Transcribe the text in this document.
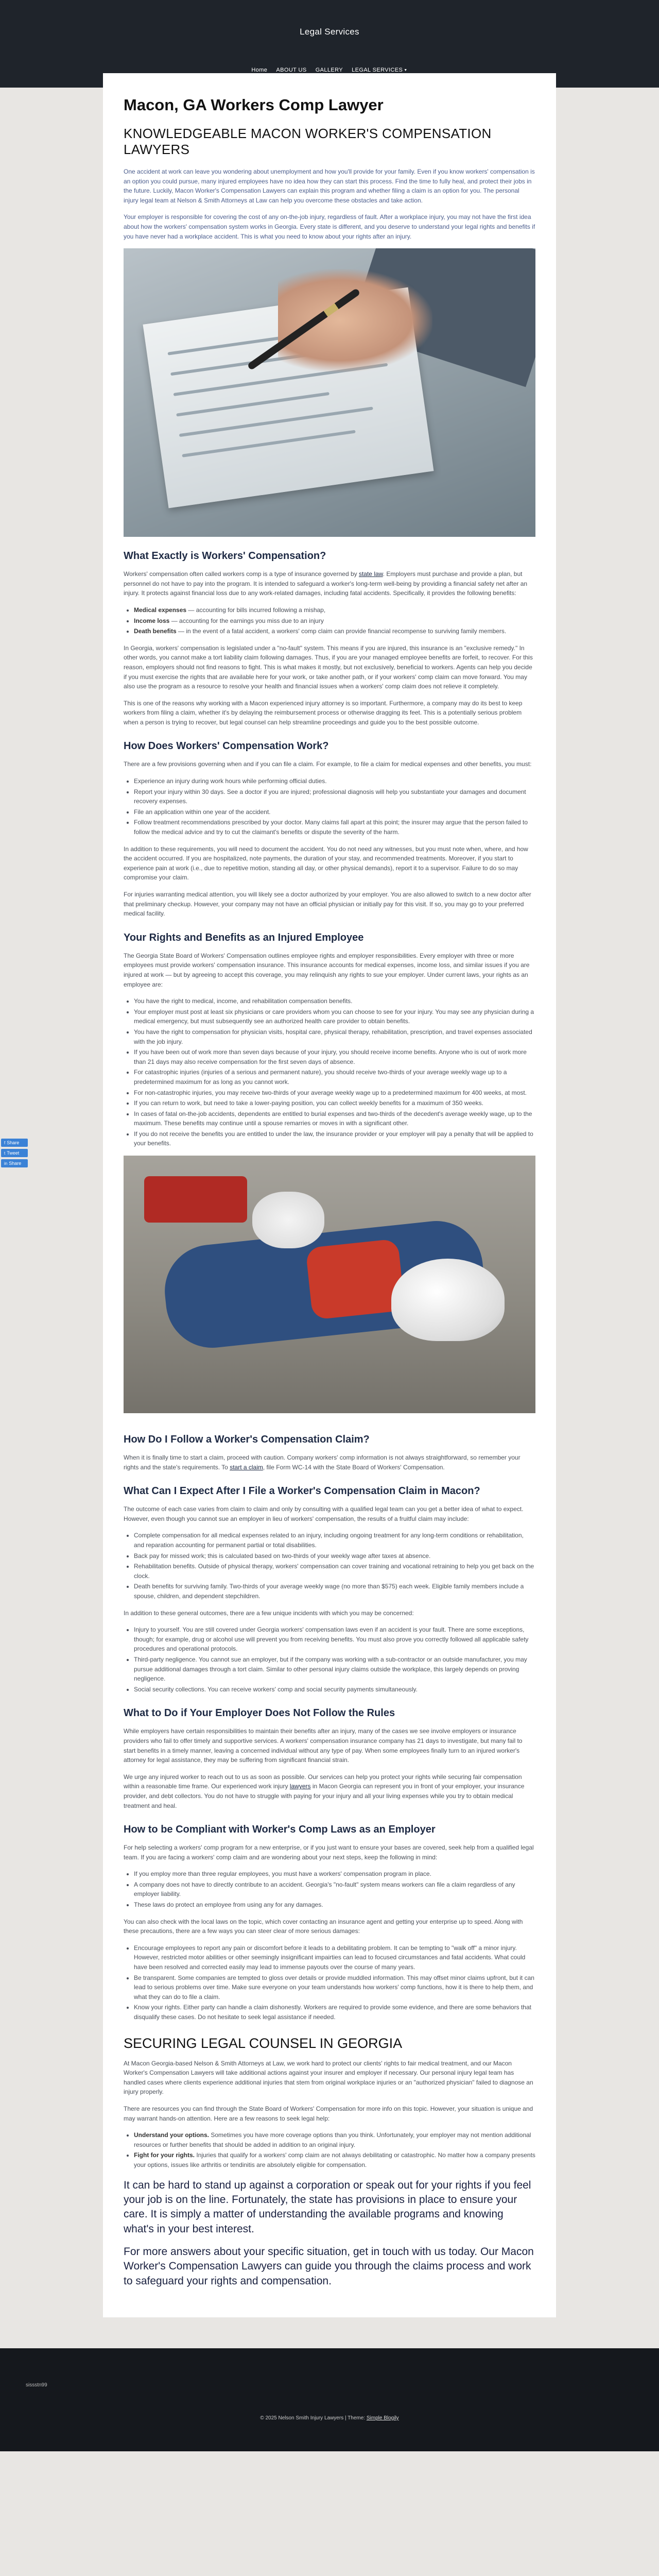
Legal Services
Home ABOUT US GALLERY LEGAL SERVICES ▼
f Share
t Tweet
in Share
Macon, GA Workers Comp Lawyer
KNOWLEDGEABLE MACON WORKER'S COMPENSATION LAWYERS

One accident at work can leave you wondering about unemployment and how you'll provide for your family. Even if you know workers' compensation is an option you could pursue, many injured employees have no idea how they can start this process. Find the time to fully heal, and protect their jobs in the future. Luckily, Macon Worker's Compensation Lawyers can explain this program and whether filing a claim is an option for you. The personal injury legal team at Nelson & Smith Attorneys at Law can help you overcome these obstacles and take action.

Your employer is responsible for covering the cost of any on-the-job injury, regardless of fault. After a workplace injury, you may not have the first idea about how the workers' compensation system works in Georgia. Every state is different, and you deserve to understand your legal rights and benefits if you have never had a workplace accident. This is what you need to know about your rights after an injury.

What Exactly is Workers' Compensation?

Workers' compensation often called workers comp is a type of insurance governed by state law. Employers must purchase and provide a plan, but personnel do not have to pay into the program. It is intended to safeguard a worker's long-term well-being by providing a financial safety net after an injury. It protects against financial loss due to any work-related damages, including fatal accidents. Specifically, it provides the following benefits:

• Medical expenses — accounting for bills incurred following a mishap,
• Income loss — accounting for the earnings you miss due to an injury
• Death benefits — in the event of a fatal accident, a workers' comp claim can provide financial recompense to surviving family members.

In Georgia, workers' compensation is legislated under a "no-fault" system. This means if you are injured, this insurance is an "exclusive remedy." In other words, you cannot make a tort liability claim following damages. Thus, if you are your managed employee benefits are forfeit, to recover. For this reason, employers should not find reasons to fight. This is what makes it mostly, but not exclusively, beneficial to workers. Agents can help you decide if you must exercise the rights that are available here for your work, or take another path, or if your workers' comp claim can move forward. You may also use the program as a resource to resolve your health and financial issues when a workers' comp claim does not relieve it completely.

This is one of the reasons why working with a Macon experienced injury attorney is so important. Furthermore, a company may do its best to keep workers from filing a claim, whether it's by delaying the reimbursement process or otherwise dragging its feet. This is a potentially serious problem when a person is trying to recover, but legal counsel can help streamline proceedings and guide you to the best possible outcome.

How Does Workers' Compensation Work?

There are a few provisions governing when and if you can file a claim. For example, to file a claim for medical expenses and other benefits, you must:

• Experience an injury during work hours while performing official duties.
• Report your injury within 30 days. See a doctor if you are injured; professional diagnosis will help you substantiate your damages and document recovery expenses.
• File an application within one year of the accident.
• Follow treatment recommendations prescribed by your doctor. Many claims fall apart at this point; the insurer may argue that the person failed to follow the medical advice and try to cut the claimant's benefits or dispute the severity of the harm.

In addition to these requirements, you will need to document the accident. You do not need any witnesses, but you must note when, where, and how the accident occurred. If you are hospitalized, note payments, the duration of your stay, and recommended treatments. Moreover, if you start to experience pain at work (i.e., due to repetitive motion, standing all day, or other physical demands), report it to a supervisor. Failure to do so may compromise your claim.

For injuries warranting medical attention, you will likely see a doctor authorized by your employer. You are also allowed to switch to a new doctor after that preliminary checkup. However, your company may not have an official physician or initially pay for this visit. If so, you may go to your preferred medical facility.

Your Rights and Benefits as an Injured Employee

The Georgia State Board of Workers' Compensation outlines employee rights and employer responsibilities. Every employer with three or more employees must provide workers' compensation insurance. This insurance accounts for medical expenses, income loss, and similar issues if you are injured at work — but by agreeing to accept this coverage, you may relinquish any rights to sue your employer. Under current laws, your rights as an employee are:

• You have the right to medical, income, and rehabilitation compensation benefits.
• Your employer must post at least six physicians or care providers whom you can choose to see for your injury. You may see any physician during a medical emergency, but must subsequently see an authorized health care provider to obtain benefits.
• You have the right to compensation for physician visits, hospital care, physical therapy, rehabilitation, prescription, and travel expenses associated with the job injury.
• If you have been out of work more than seven days because of your injury, you should receive income benefits. Anyone who is out of work more than 21 days may also receive compensation for the first seven days of absence.
• For catastrophic injuries (injuries of a serious and permanent nature), you should receive two-thirds of your average weekly wage up to a predetermined maximum for as long as you cannot work.
• For non-catastrophic injuries, you may receive two-thirds of your average weekly wage up to a predetermined maximum for 400 weeks, at most.
• If you can return to work, but need to take a lower-paying position, you can collect weekly benefits for a maximum of 350 weeks.
• In cases of fatal on-the-job accidents, dependents are entitled to burial expenses and two-thirds of the decedent's average weekly wage, up to the maximum. These benefits may continue until a spouse remarries or moves in with a significant other.
• If you do not receive the benefits you are entitled to under the law, the insurance provider or your employer will pay a penalty that will be applied to your benefits.
How Do I Follow a Worker's Compensation Claim?

When it is finally time to start a claim, proceed with caution. Company workers' comp information is not always straightforward, so remember your rights and the state's requirements. To start a claim, file Form WC-14 with the State Board of Workers' Compensation.

What Can I Expect After I File a Worker's Compensation Claim in Macon?

The outcome of each case varies from claim to claim and only by consulting with a qualified legal team can you get a better idea of what to expect. However, even though you cannot sue an employer in lieu of workers' compensation, the results of a fruitful claim may include:

• Complete compensation for all medical expenses related to an injury, including ongoing treatment for any long-term conditions or rehabilitation, and reparation accounting for permanent partial or total disabilities.
• Back pay for missed work; this is calculated based on two-thirds of your weekly wage after taxes at absence.
• Rehabilitation benefits. Outside of physical therapy, workers' compensation can cover training and vocational retraining to help you get back on the clock.
• Death benefits for surviving family. Two-thirds of your average weekly wage (no more than $575) each week. Eligible family members include a spouse, children, and dependent stepchildren.

In addition to these general outcomes, there are a few unique incidents with which you may be concerned:

• Injury to yourself. You are still covered under Georgia workers' compensation laws even if an accident is your fault. There are some exceptions, though; for example, drug or alcohol use will prevent you from receiving benefits. You must also prove you correctly followed all applicable safety procedures and operational protocols.
• Third-party negligence. You cannot sue an employer, but if the company was working with a sub-contractor or an outside manufacturer, you may pursue additional damages through a tort claim. Similar to other personal injury claims outside the workplace, this largely depends on proving negligence.
• Social security collections. You can receive workers' comp and social security payments simultaneously.
What to Do if Your Employer Does Not Follow the Rules

While employers have certain responsibilities to maintain their benefits after an injury, many of the cases we see involve employers or insurance providers who fail to offer timely and supportive services. A workers' compensation insurance company has 21 days to investigate, but many fail to start benefits in a timely manner, leaving a concerned individual without any type of pay. When some employees finally turn to an injured worker's attorney for legal assistance, they may be suffering from significant financial strain.

We urge any injured worker to reach out to us as soon as possible. Our services can help you protect your rights while securing fair compensation within a reasonable time frame. Our experienced work injury lawyers in Macon Georgia can represent you in front of your employer, your insurance provider, and debt collectors. You do not have to struggle with paying for your injury and all your living expenses while you try to obtain medical treatment and heal.

How to be Compliant with Worker's Comp Laws as an Employer

For help selecting a workers' comp program for a new enterprise, or if you just want to ensure your bases are covered, seek help from a qualified legal team. If you are facing a workers' comp claim and are wondering about your next steps, keep the following in mind:

• If you employ more than three regular employees, you must have a workers' compensation program in place.
• A company does not have to directly contribute to an accident. Georgia's "no-fault" system means workers can file a claim regardless of any employer liability.
• These laws do protect an employee from using any for any damages.

You can also check with the local laws on the topic, which cover contacting an insurance agent and getting your enterprise up to speed. Along with these precautions, there are a few ways you can steer clear of more serious damages:

• Encourage employees to report any pain or discomfort before it leads to a debilitating problem. It can be tempting to "walk off" a minor injury. However, restricted motor abilities or other seemingly insignificant impairties can lead to focused circumstances and fatal accidents. What could have been resolved and corrected easily may lead to immense payouts over the course of many years.
• Be transparent. Some companies are tempted to gloss over details or provide muddled information. This may offset minor claims upfront, but it can lead to serious problems over time. Make sure everyone on your team understands how workers' comp functions, how it is there to help them, and what they can do to file a claim.
• Know your rights. Either party can handle a claim dishonestly. Workers are required to provide some evidence, and there are some behaviors that disqualify these cases. Do not hesitate to seek legal assistance if needed.
SECURING LEGAL COUNSEL IN GEORGIA

At Macon Georgia-based Nelson & Smith Attorneys at Law, we work hard to protect our clients' rights to fair medical treatment, and our Macon Worker's Compensation Lawyers will take additional actions against your insurer and employer if necessary. Our personal injury legal team has handled cases where clients experience additional injuries that stem from original workplace injuries or an "authorized physician" failed to diagnose an injury properly.

There are resources you can find through the State Board of Workers' Compensation for more info on this topic. However, your situation is unique and may warrant hands-on attention. Here are a few reasons to seek legal help:

• Understand your options. Sometimes you have more coverage options than you think. Unfortunately, your employer may not mention additional resources or further benefits that should be added in addition to an original injury.
• Fight for your rights. Injuries that qualify for a workers' comp claim are not always debilitating or catastrophic. No matter how a company presents your options, issues like arthritis or tendinitis are absolutely eligible for compensation.

It can be hard to stand up against a corporation or speak out for your rights if you feel your job is on the line. Fortunately, the state has provisions in place to ensure your care. It is simply a matter of understanding the available programs and knowing what's in your best interest.

For more answers about your specific situation, get in touch with us today. Our Macon Worker's Compensation Lawyers can guide you through the claims process and work to safeguard your rights and compensation.

sissstn99
© 2025 Nelson Smith Injury Lawyers | Theme: Simple Blogily
